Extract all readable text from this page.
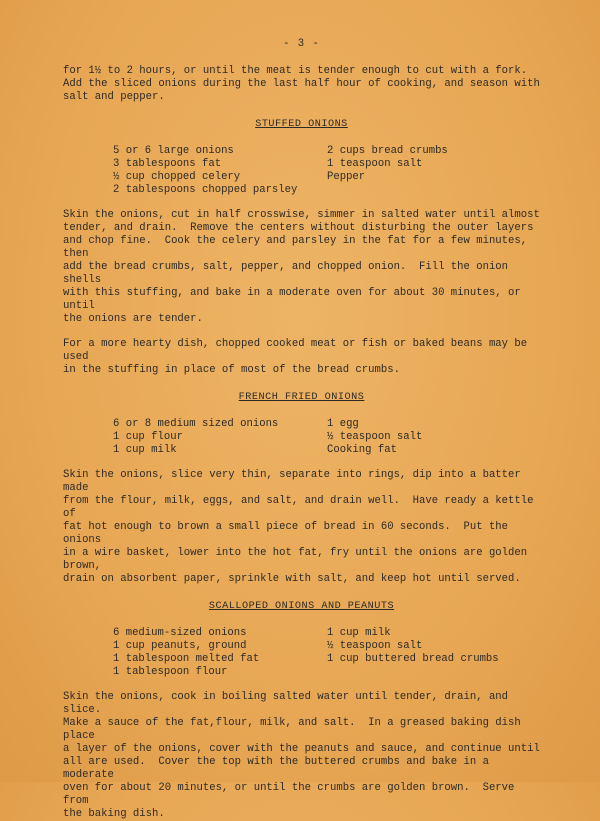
- 3 -

for 1½ to 2 hours, or until the meat is tender enough to cut with a fork.
Add the sliced onions during the last half hour of cooking, and season with
salt and pepper.

STUFFED ONIONS
5 or 6 large onions
3 tablespoons fat
½ cup chopped celery
2 tablespoons chopped parsley
2 cups bread crumbs
1 teaspoon salt
Pepper

Skin the onions, cut in half crosswise, simmer in salted water until almost
tender, and drain.  Remove the centers without disturbing the outer layers
and chop fine.  Cook the celery and parsley in the fat for a few minutes, then
add the bread crumbs, salt, pepper, and chopped onion.  Fill the onion shells
with this stuffing, and bake in a moderate oven for about 30 minutes, or until
the onions are tender.

For a more hearty dish, chopped cooked meat or fish or baked beans may be used
in the stuffing in place of most of the bread crumbs.

FRENCH FRIED ONIONS
6 or 8 medium sized onions
1 cup flour
1 cup milk
1 egg
½ teaspoon salt
Cooking fat

Skin the onions, slice very thin, separate into rings, dip into a batter made
from the flour, milk, eggs, and salt, and drain well.  Have ready a kettle of
fat hot enough to brown a small piece of bread in 60 seconds.  Put the onions
in a wire basket, lower into the hot fat, fry until the onions are golden brown,
drain on absorbent paper, sprinkle with salt, and keep hot until served.

SCALLOPED ONIONS AND PEANUTS
6 medium-sized onions
1 cup peanuts, ground
1 tablespoon melted fat
1 tablespoon flour
1 cup milk
½ teaspoon salt
1 cup buttered bread crumbs

Skin the onions, cook in boiling salted water until tender, drain, and slice.
Make a sauce of the fat,flour, milk, and salt.  In a greased baking dish place
a layer of the onions, cover with the peanuts and sauce, and continue until
all are used.  Cover the top with the buttered crumbs and bake in a moderate
oven for about 20 minutes, or until the crumbs are golden brown.  Serve from
the baking dish.
